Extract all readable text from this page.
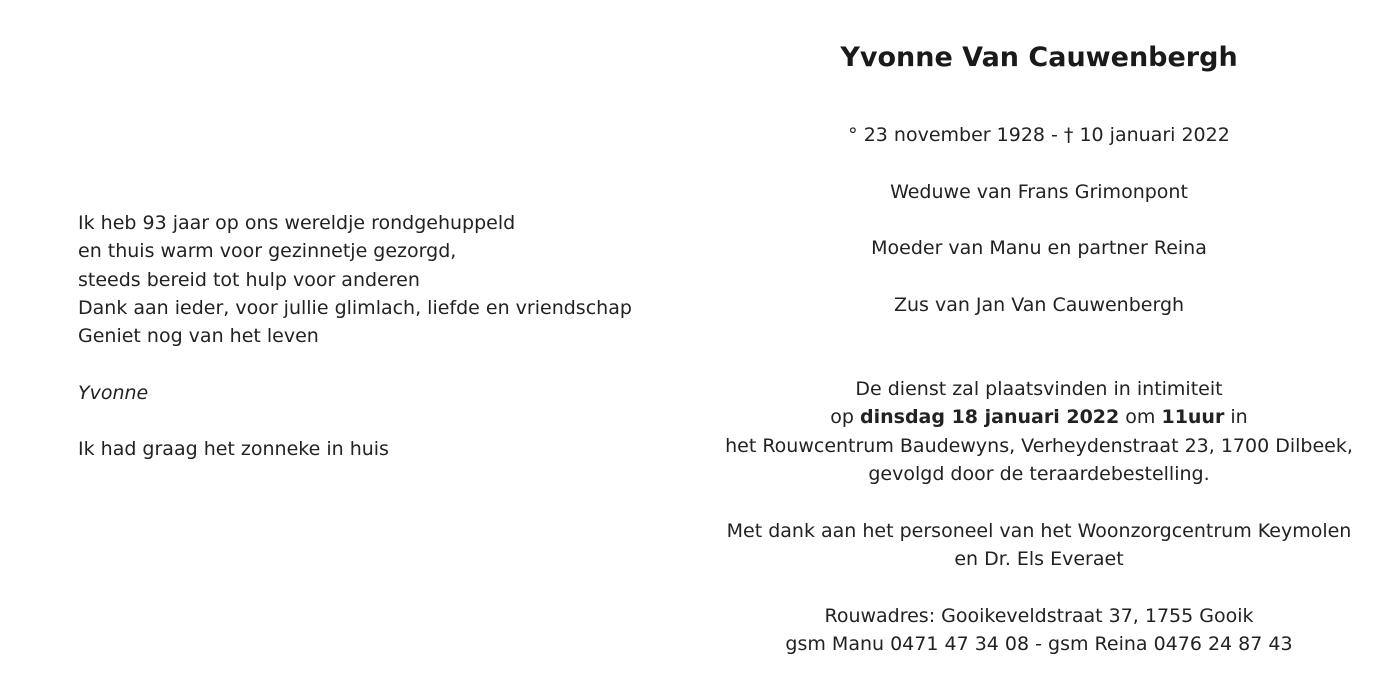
Ik heb 93 jaar op ons wereldje rondgehuppeld
en thuis warm voor gezinnetje gezorgd,
steeds bereid tot hulp voor anderen
Dank aan ieder, voor jullie glimlach, liefde en vriendschap
Geniet nog van het leven
Yvonne
Ik had graag het zonneke in huis
Yvonne Van Cauwenbergh
° 23 november 1928 - † 10 januari 2022
Weduwe van Frans Grimonpont
Moeder van Manu en partner Reina
Zus van Jan Van Cauwenbergh
De dienst zal plaatsvinden in intimiteit
op dinsdag 18 januari 2022 om 11uur in
het Rouwcentrum Baudewyns, Verheydenstraat 23, 1700 Dilbeek,
gevolgd door de teraardebestelling.
Met dank aan het personeel van het Woonzorgcentrum Keymolen
en Dr. Els Everaet
Rouwadres: Gooikeveldstraat 37, 1755 Gooik
gsm Manu 0471 47 34 08 - gsm Reina 0476 24 87 43
